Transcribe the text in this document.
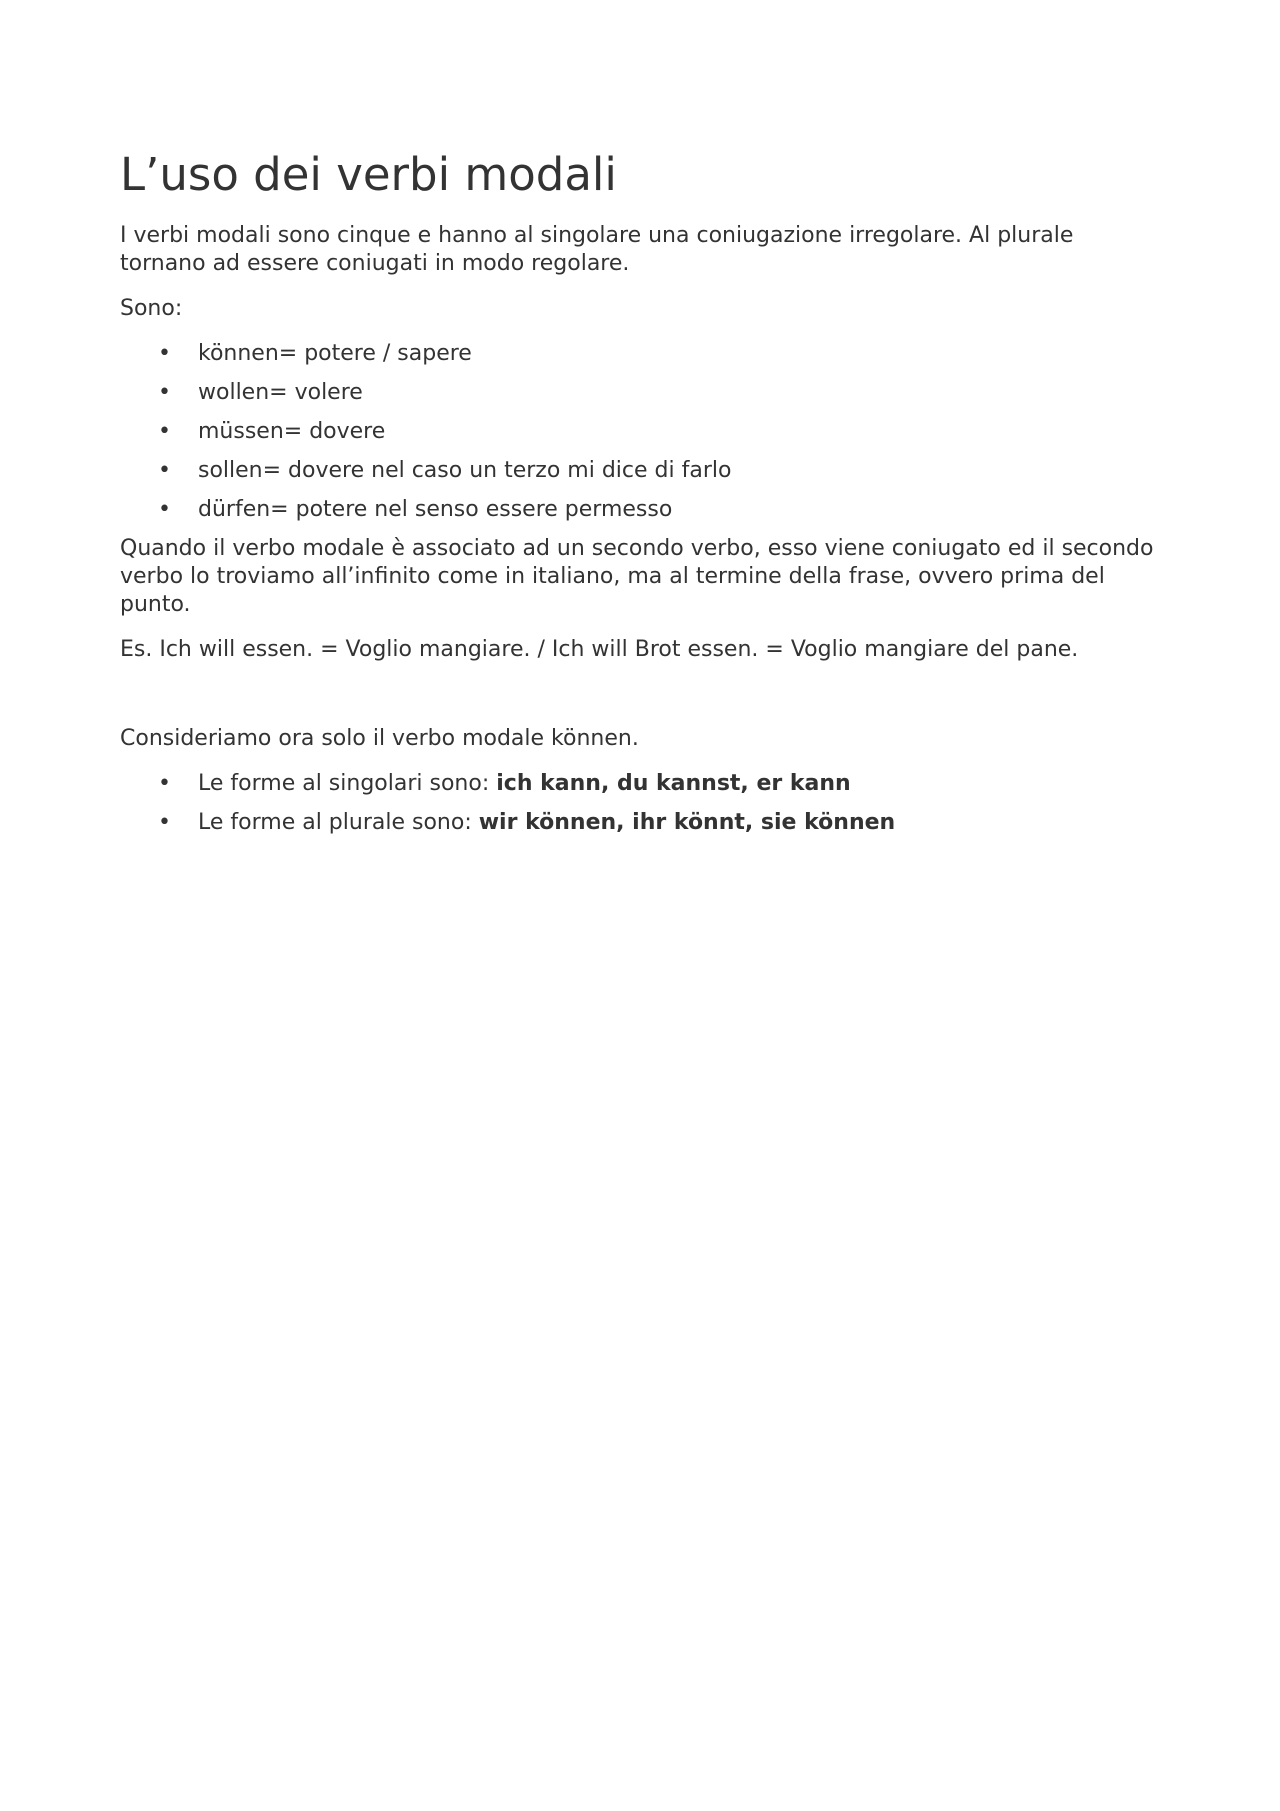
L’uso dei verbi modali

I verbi modali sono cinque e hanno al singolare una coniugazione irregolare. Al plurale tornano ad essere coniugati in modo regolare.

Sono:

• können= potere / sapere
• wollen= volere
• müssen= dovere
• sollen= dovere nel caso un terzo mi dice di farlo
• dürfen= potere nel senso essere permesso

Quando il verbo modale è associato ad un secondo verbo, esso viene coniugato ed il secondo verbo lo troviamo all’infinito come in italiano, ma al termine della frase, ovvero prima del punto.

Es. Ich will essen. = Voglio mangiare. / Ich will Brot essen. = Voglio mangiare del pane.

Consideriamo ora solo il verbo modale können.

• Le forme al singolari sono: ich kann, du kannst, er kann
• Le forme al plurale sono: wir können, ihr könnt, sie können
